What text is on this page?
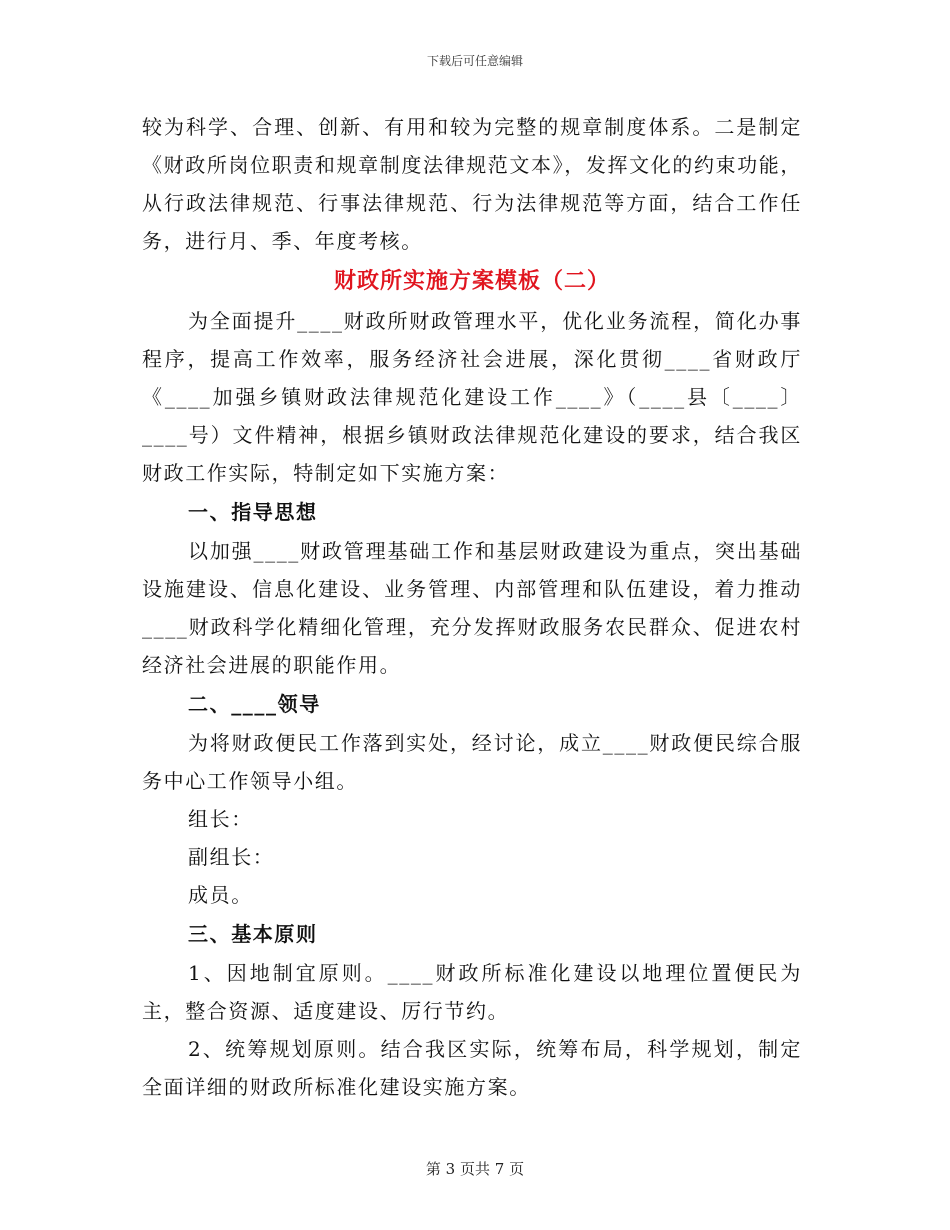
下载后可任意编辑

较为科学、合理、创新、有用和较为完整的规章制度体系。二是制定《财政所岗位职责和规章制度法律规范文本》，发挥文化的约束功能，从行政法律规范、行事法律规范、行为法律规范等方面，结合工作任务，进行月、季、年度考核。

财政所实施方案模板（二）

为全面提升____财政所财政管理水平，优化业务流程，简化办事程序，提高工作效率，服务经济社会进展，深化贯彻____省财政厅《____加强乡镇财政法律规范化建设工作____》（____县〔____〕____号）文件精神，根据乡镇财政法律规范化建设的要求，结合我区财政工作实际，特制定如下实施方案：

一、指导思想

以加强____财政管理基础工作和基层财政建设为重点，突出基础设施建设、信息化建设、业务管理、内部管理和队伍建设，着力推动____财政科学化精细化管理，充分发挥财政服务农民群众、促进农村经济社会进展的职能作用。

二、____领导

为将财政便民工作落到实处，经讨论，成立____财政便民综合服务中心工作领导小组。

组长：

副组长：

成员。

三、基本原则

1、因地制宜原则。____财政所标准化建设以地理位置便民为主，整合资源、适度建设、厉行节约。

2、统筹规划原则。结合我区实际，统筹布局，科学规划，制定全面详细的财政所标准化建设实施方案。

第 3 页共 7 页
